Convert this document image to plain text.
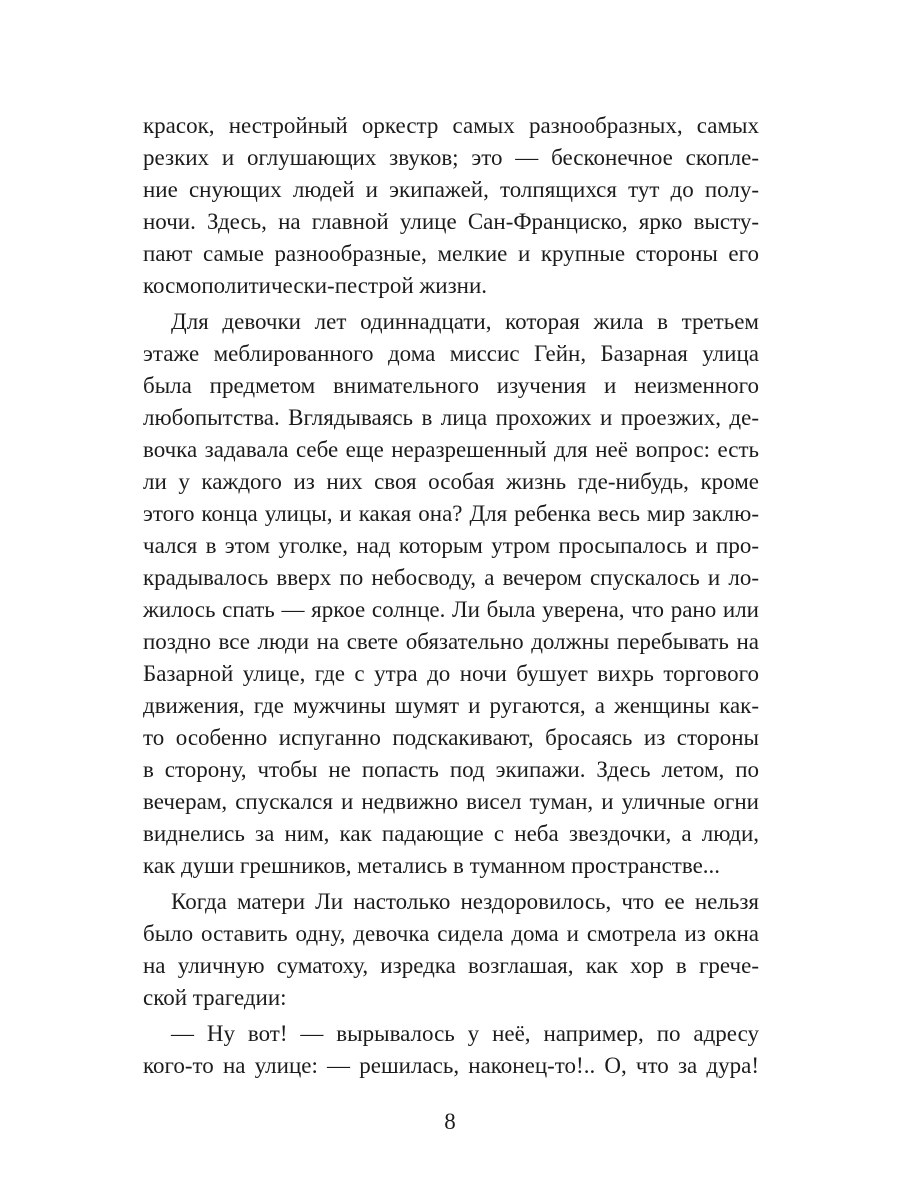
красок, нестройный оркестр самых разнообразных, самых
резких и оглушающих звуков; это — бесконечное скопле-
ние снующих людей и экипажей, толпящихся тут до полу-
ночи. Здесь, на главной улице Сан-Франциско, ярко высту-
пают самые разнообразные, мелкие и крупные стороны его
космополитически-пестрой жизни.
Для девочки лет одиннадцати, которая жила в третьем
этаже меблированного дома миссис Гейн, Базарная улица
была предметом внимательного изучения и неизменного
любопытства. Вглядываясь в лица прохожих и проезжих, де-
вочка задавала себе еще неразрешенный для неё вопрос: есть
ли у каждого из них своя особая жизнь где-нибудь, кроме
этого конца улицы, и какая она? Для ребенка весь мир заклю-
чался в этом уголке, над которым утром просыпалось и про-
крадывалось вверх по небосводу, а вечером спускалось и ло-
жилось спать — яркое солнце. Ли была уверена, что рано или
поздно все люди на свете обязательно должны перебывать на
Базарной улице, где с утра до ночи бушует вихрь торгового
движения, где мужчины шумят и ругаются, а женщины как-
то особенно испуганно подскакивают, бросаясь из стороны
в сторону, чтобы не попасть под экипажи. Здесь летом, по
вечерам, спускался и недвижно висел туман, и уличные огни
виднелись за ним, как падающие с неба звездочки, а люди,
как души грешников, метались в туманном пространстве...
Когда матери Ли настолько нездоровилось, что ее нельзя
было оставить одну, девочка сидела дома и смотрела из окна
на уличную суматоху, изредка возглашая, как хор в грече-
ской трагедии:
— Ну вот! — вырывалось у неё, например, по адресу
кого-то на улице: — решилась, наконец-то!.. О, что за дура!
8
